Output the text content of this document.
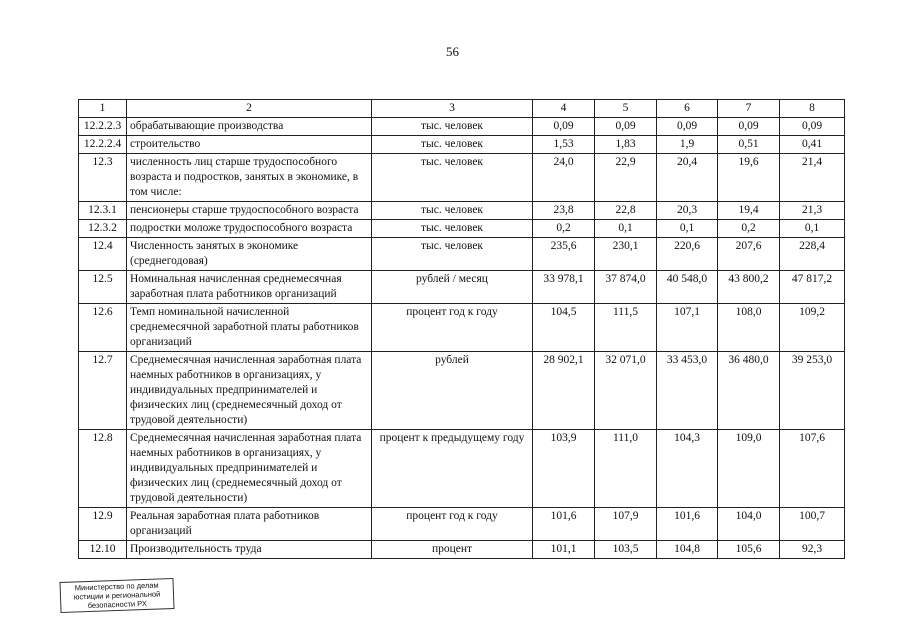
56
1	2	3	4	5	6	7	8
12.2.2.3	обрабатывающие производства	тыс. человек	0,09	0,09	0,09	0,09	0,09
12.2.2.4	строительство	тыс. человек	1,53	1,83	1,9	0,51	0,41
12.3	численность лиц старше трудоспособного возраста и подростков, занятых в экономике, в том числе:	тыс. человек	24,0	22,9	20,4	19,6	21,4
12.3.1	пенсионеры старше трудоспособного возраста	тыс. человек	23,8	22,8	20,3	19,4	21,3
12.3.2	подростки моложе трудоспособного возраста	тыс. человек	0,2	0,1	0,1	0,2	0,1
12.4	Численность занятых в экономике (среднегодовая)	тыс. человек	235,6	230,1	220,6	207,6	228,4
12.5	Номинальная начисленная среднемесячная заработная плата работников организаций	рублей / месяц	33 978,1	37 874,0	40 548,0	43 800,2	47 817,2
12.6	Темп номинальной начисленной среднемесячной заработной платы работников организаций	процент год к году	104,5	111,5	107,1	108,0	109,2
12.7	Среднемесячная начисленная заработная плата наемных работников в организациях, у индивидуальных предпринимателей и физических лиц (среднемесячный доход от трудовой деятельности)	рублей	28 902,1	32 071,0	33 453,0	36 480,0	39 253,0
12.8	Среднемесячная начисленная заработная плата наемных работников в организациях, у индивидуальных предпринимателей и физических лиц (среднемесячный доход от трудовой деятельности)	процент к предыдущему году	103,9	111,0	104,3	109,0	107,6
12.9	Реальная заработная плата работников организаций	процент год к году	101,6	107,9	101,6	104,0	100,7
12.10	Производительность труда	процент	101,1	103,5	104,8	105,6	92,3
Министерство по делам
юстиции и региональной
безопасности РХ
